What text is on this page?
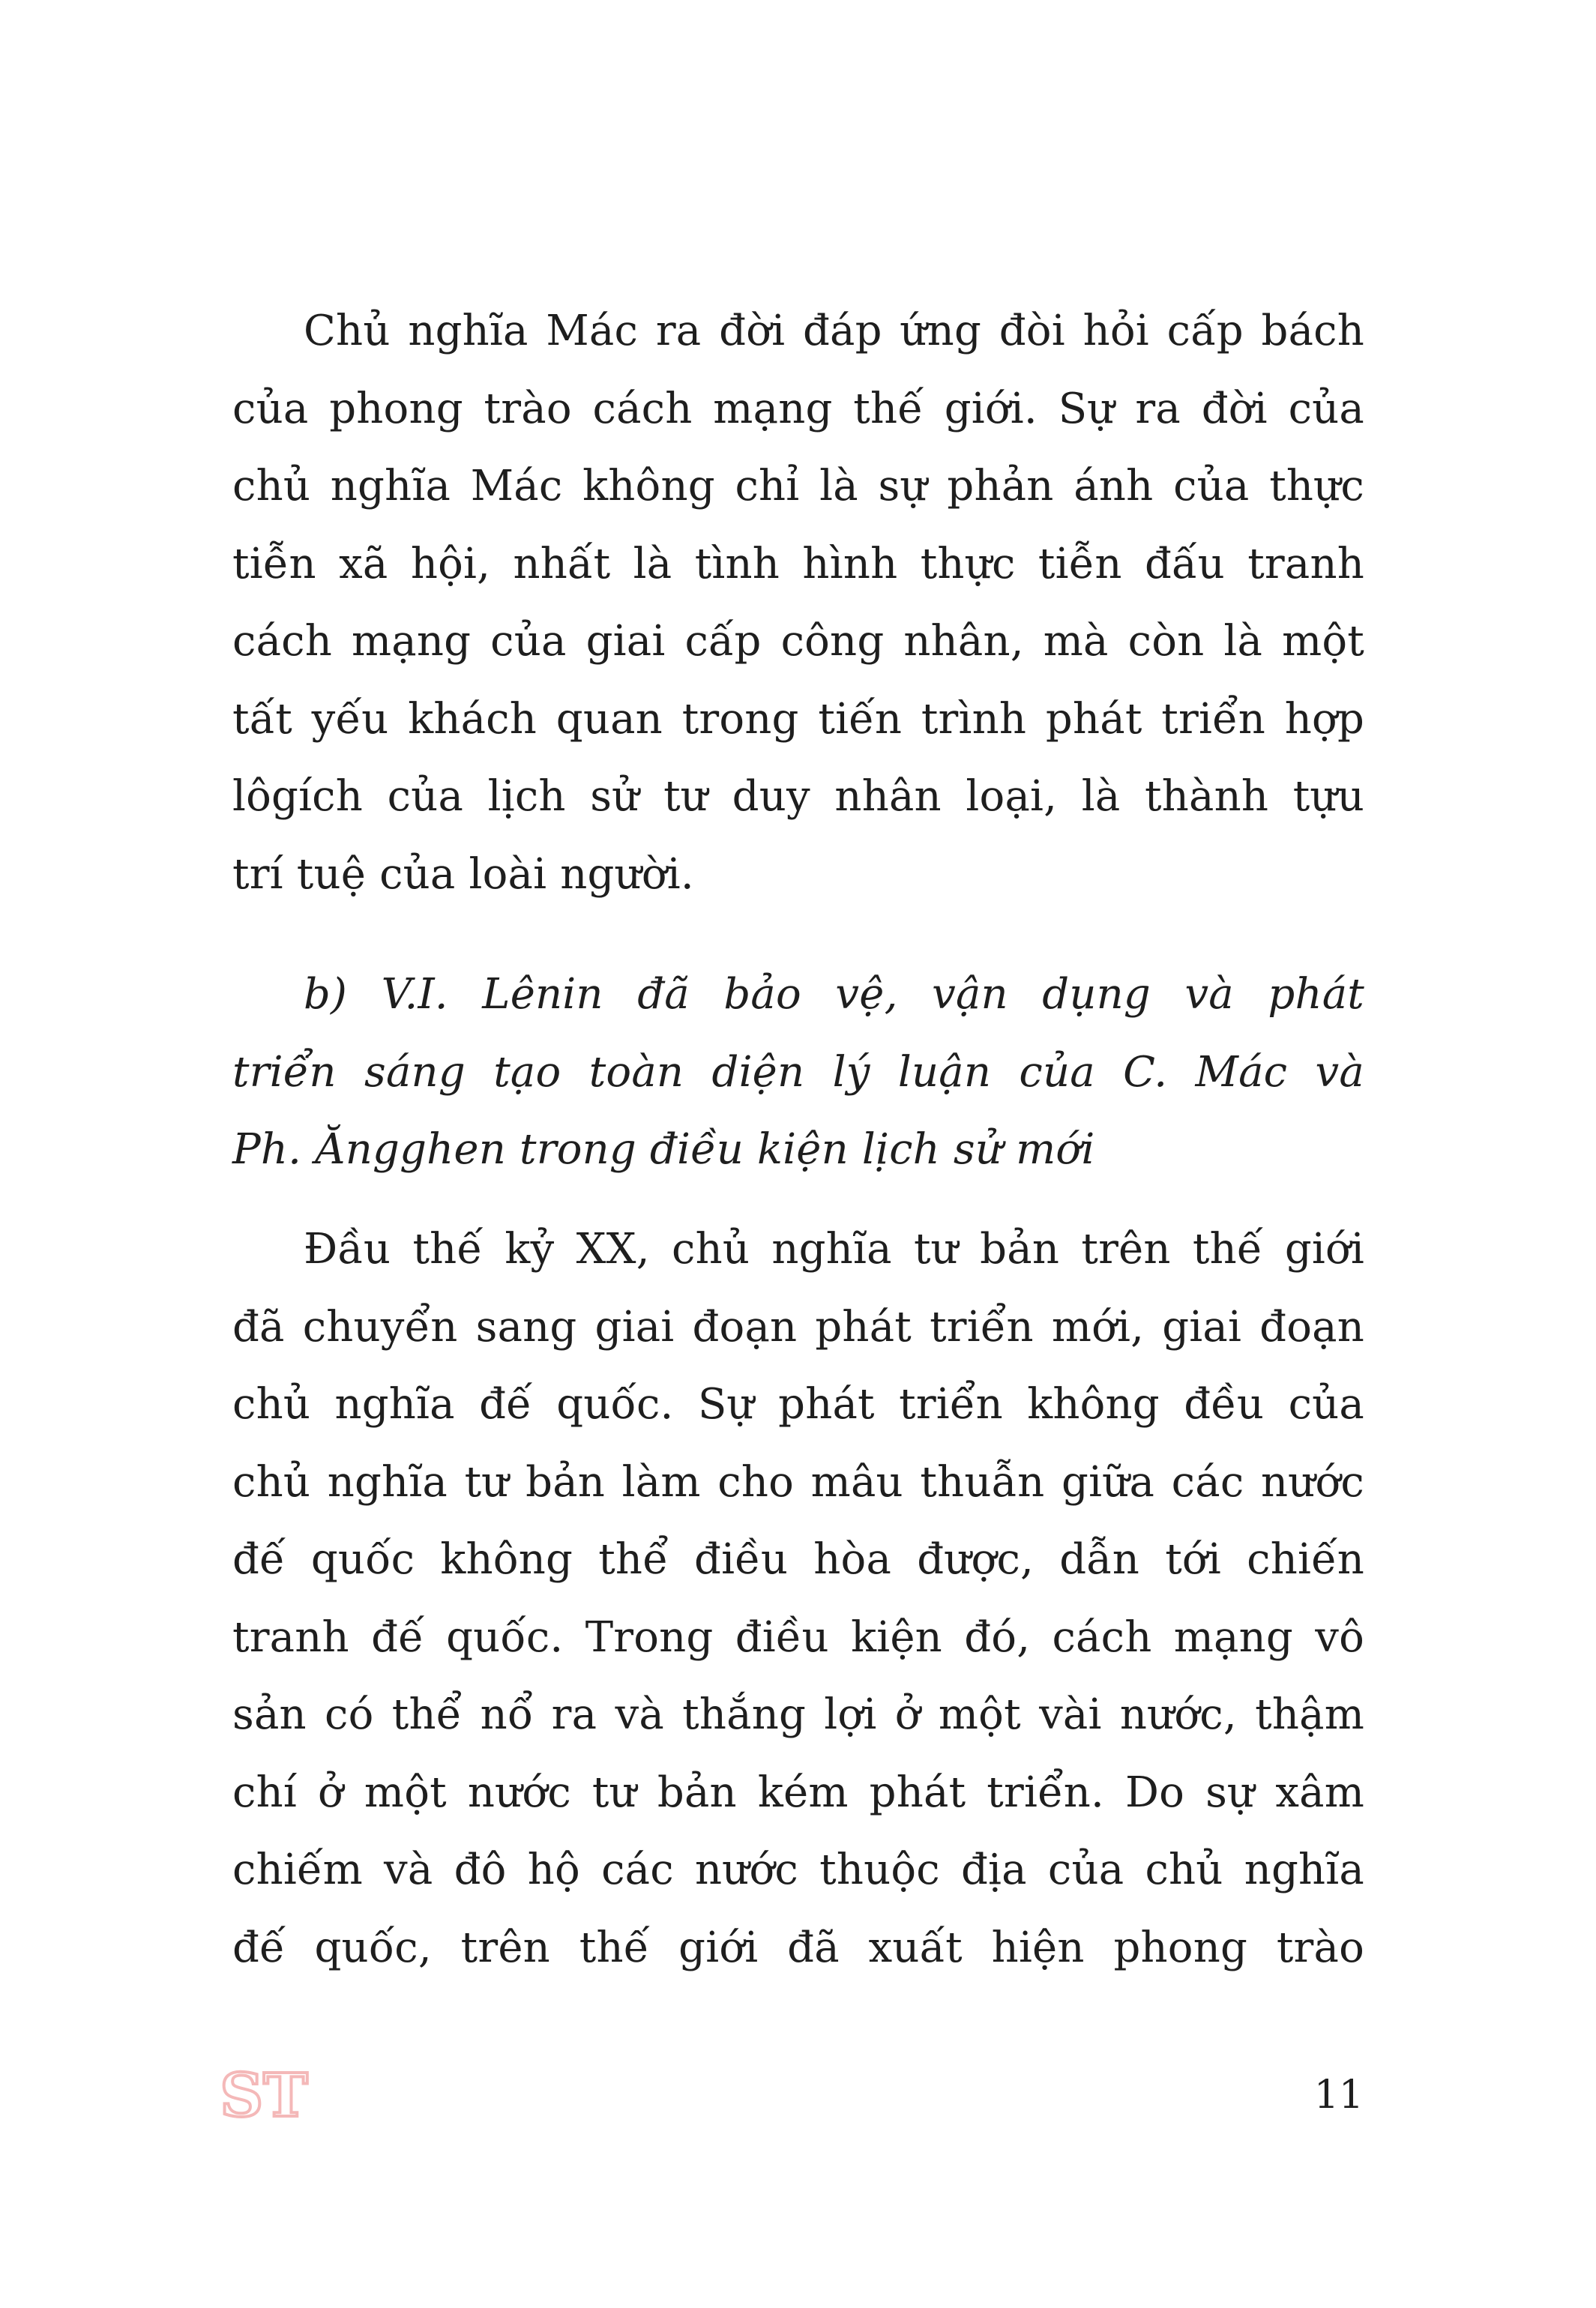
Chủ nghĩa Mác ra đời đáp ứng đòi hỏi cấp bách
của phong trào cách mạng thế giới. Sự ra đời của
chủ nghĩa Mác không chỉ là sự phản ánh của thực
tiễn xã hội, nhất là tình hình thực tiễn đấu tranh
cách mạng của giai cấp công nhân, mà còn là một
tất yếu khách quan trong tiến trình phát triển hợp
lôgích của lịch sử tư duy nhân loại, là thành tựu
trí tuệ của loài người.
b) V.I. Lênin đã bảo vệ, vận dụng và phát
triển sáng tạo toàn diện lý luận của C. Mác và
Ph. Ăngghen trong điều kiện lịch sử mới
Đầu thế kỷ XX, chủ nghĩa tư bản trên thế giới
đã chuyển sang giai đoạn phát triển mới, giai đoạn
chủ nghĩa đế quốc. Sự phát triển không đều của
chủ nghĩa tư bản làm cho mâu thuẫn giữa các nước
đế quốc không thể điều hòa được, dẫn tới chiến
tranh đế quốc. Trong điều kiện đó, cách mạng vô
sản có thể nổ ra và thắng lợi ở một vài nước, thậm
chí ở một nước tư bản kém phát triển. Do sự xâm
chiếm và đô hộ các nước thuộc địa của chủ nghĩa
đế quốc, trên thế giới đã xuất hiện phong trào
ST	11
